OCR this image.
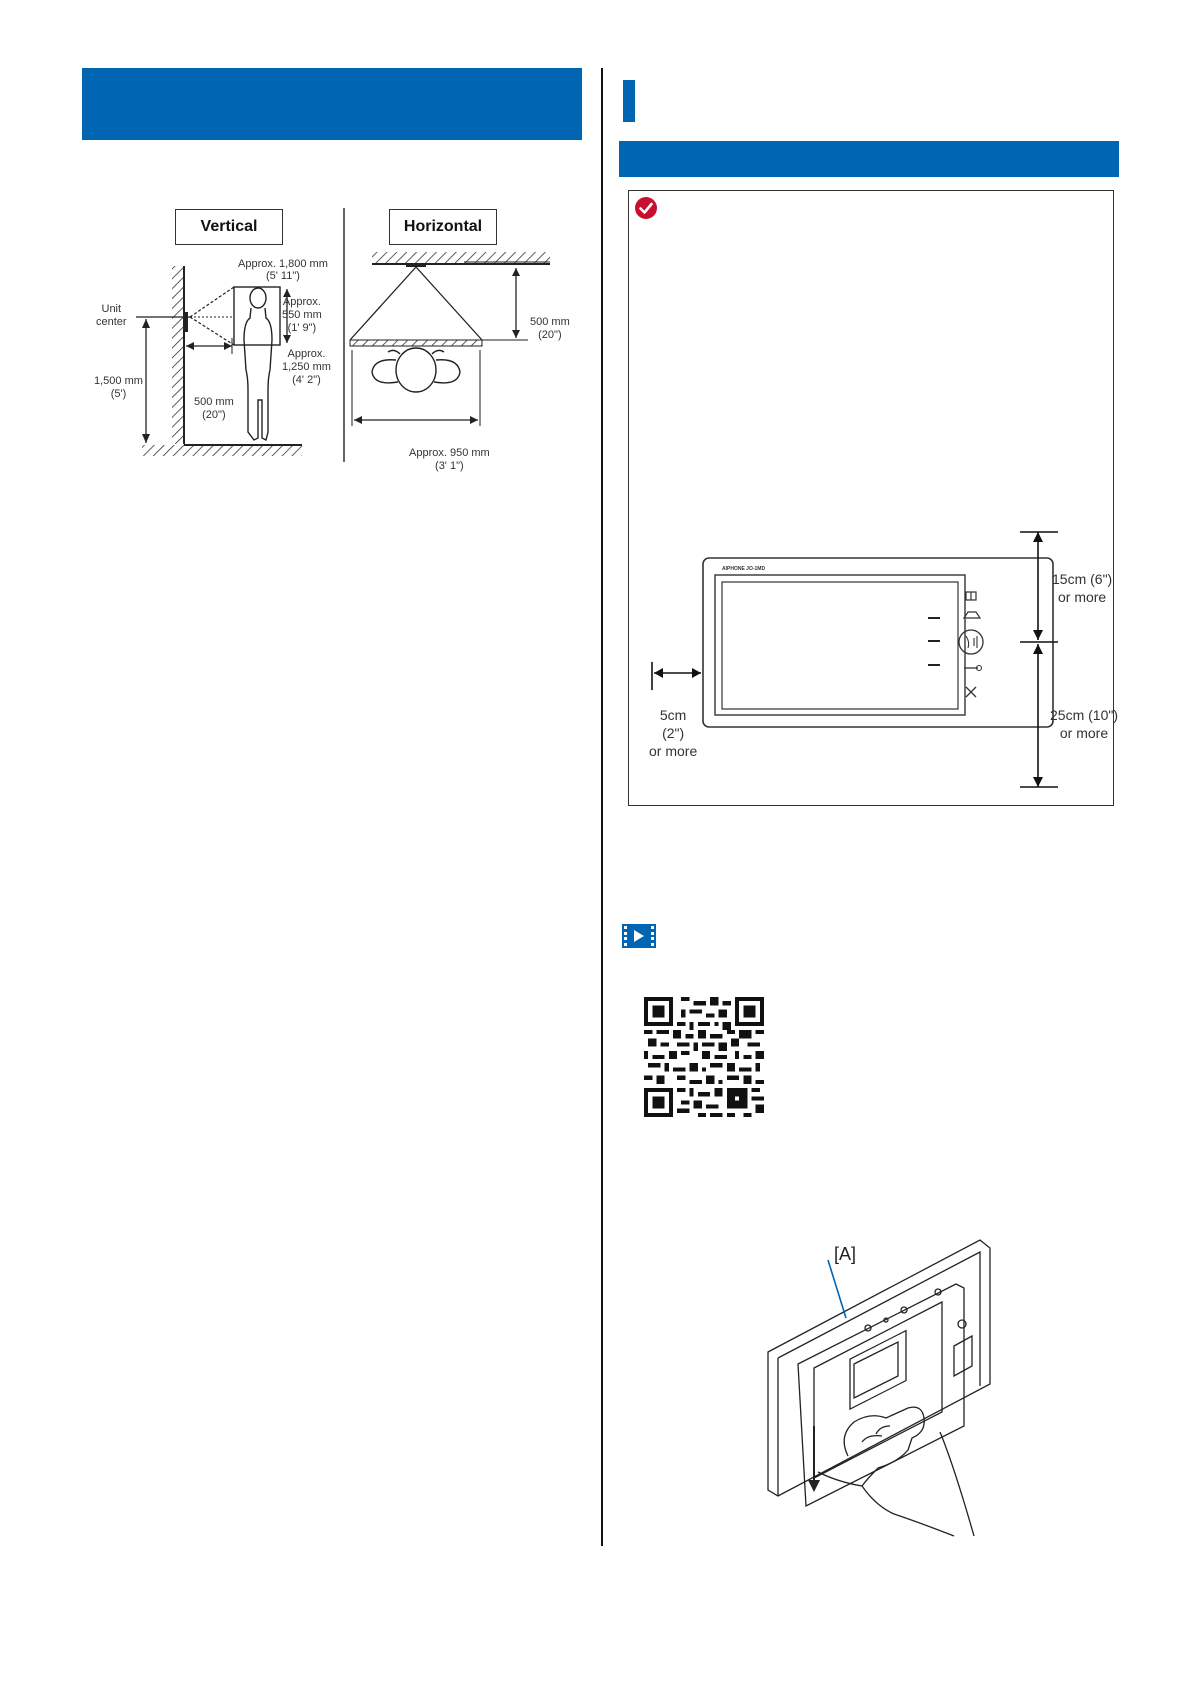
Vertical	Horizontal
Approx. 1,800 mm
(5' 11")
Approx.
550 mm
(1' 9")
Approx.
1,250 mm
(4' 2")
Unit
center
1,500 mm
(5')
500 mm
(20")
500 mm
(20")
Approx. 950 mm
(3' 1")
AIPHONE JO-1MD
15cm (6")
or more
25cm (10")
or more
5cm
(2")
or more
[A]
